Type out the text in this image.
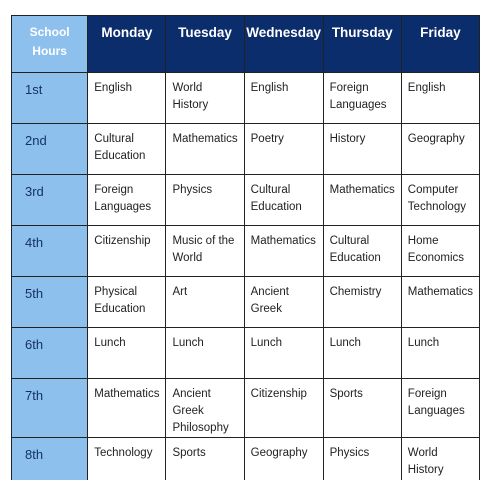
School Hours	Monday	Tuesday	Wednesday	Thursday	Friday
1st	English	World History	English	Foreign Languages	English
2nd	Cultural Education	Mathematics	Poetry	History	Geography
3rd	Foreign Languages	Physics	Cultural Education	Mathematics	Computer Technology
4th	Citizenship	Music of the World	Mathematics	Cultural Education	Home Economics
5th	Physical Education	Art	Ancient Greek	Chemistry	Mathematics
6th	Lunch	Lunch	Lunch	Lunch	Lunch
7th	Mathematics	Ancient Greek Philosophy	Citizenship	Sports	Foreign Languages
8th	Technology	Sports	Geography	Physics	World History
